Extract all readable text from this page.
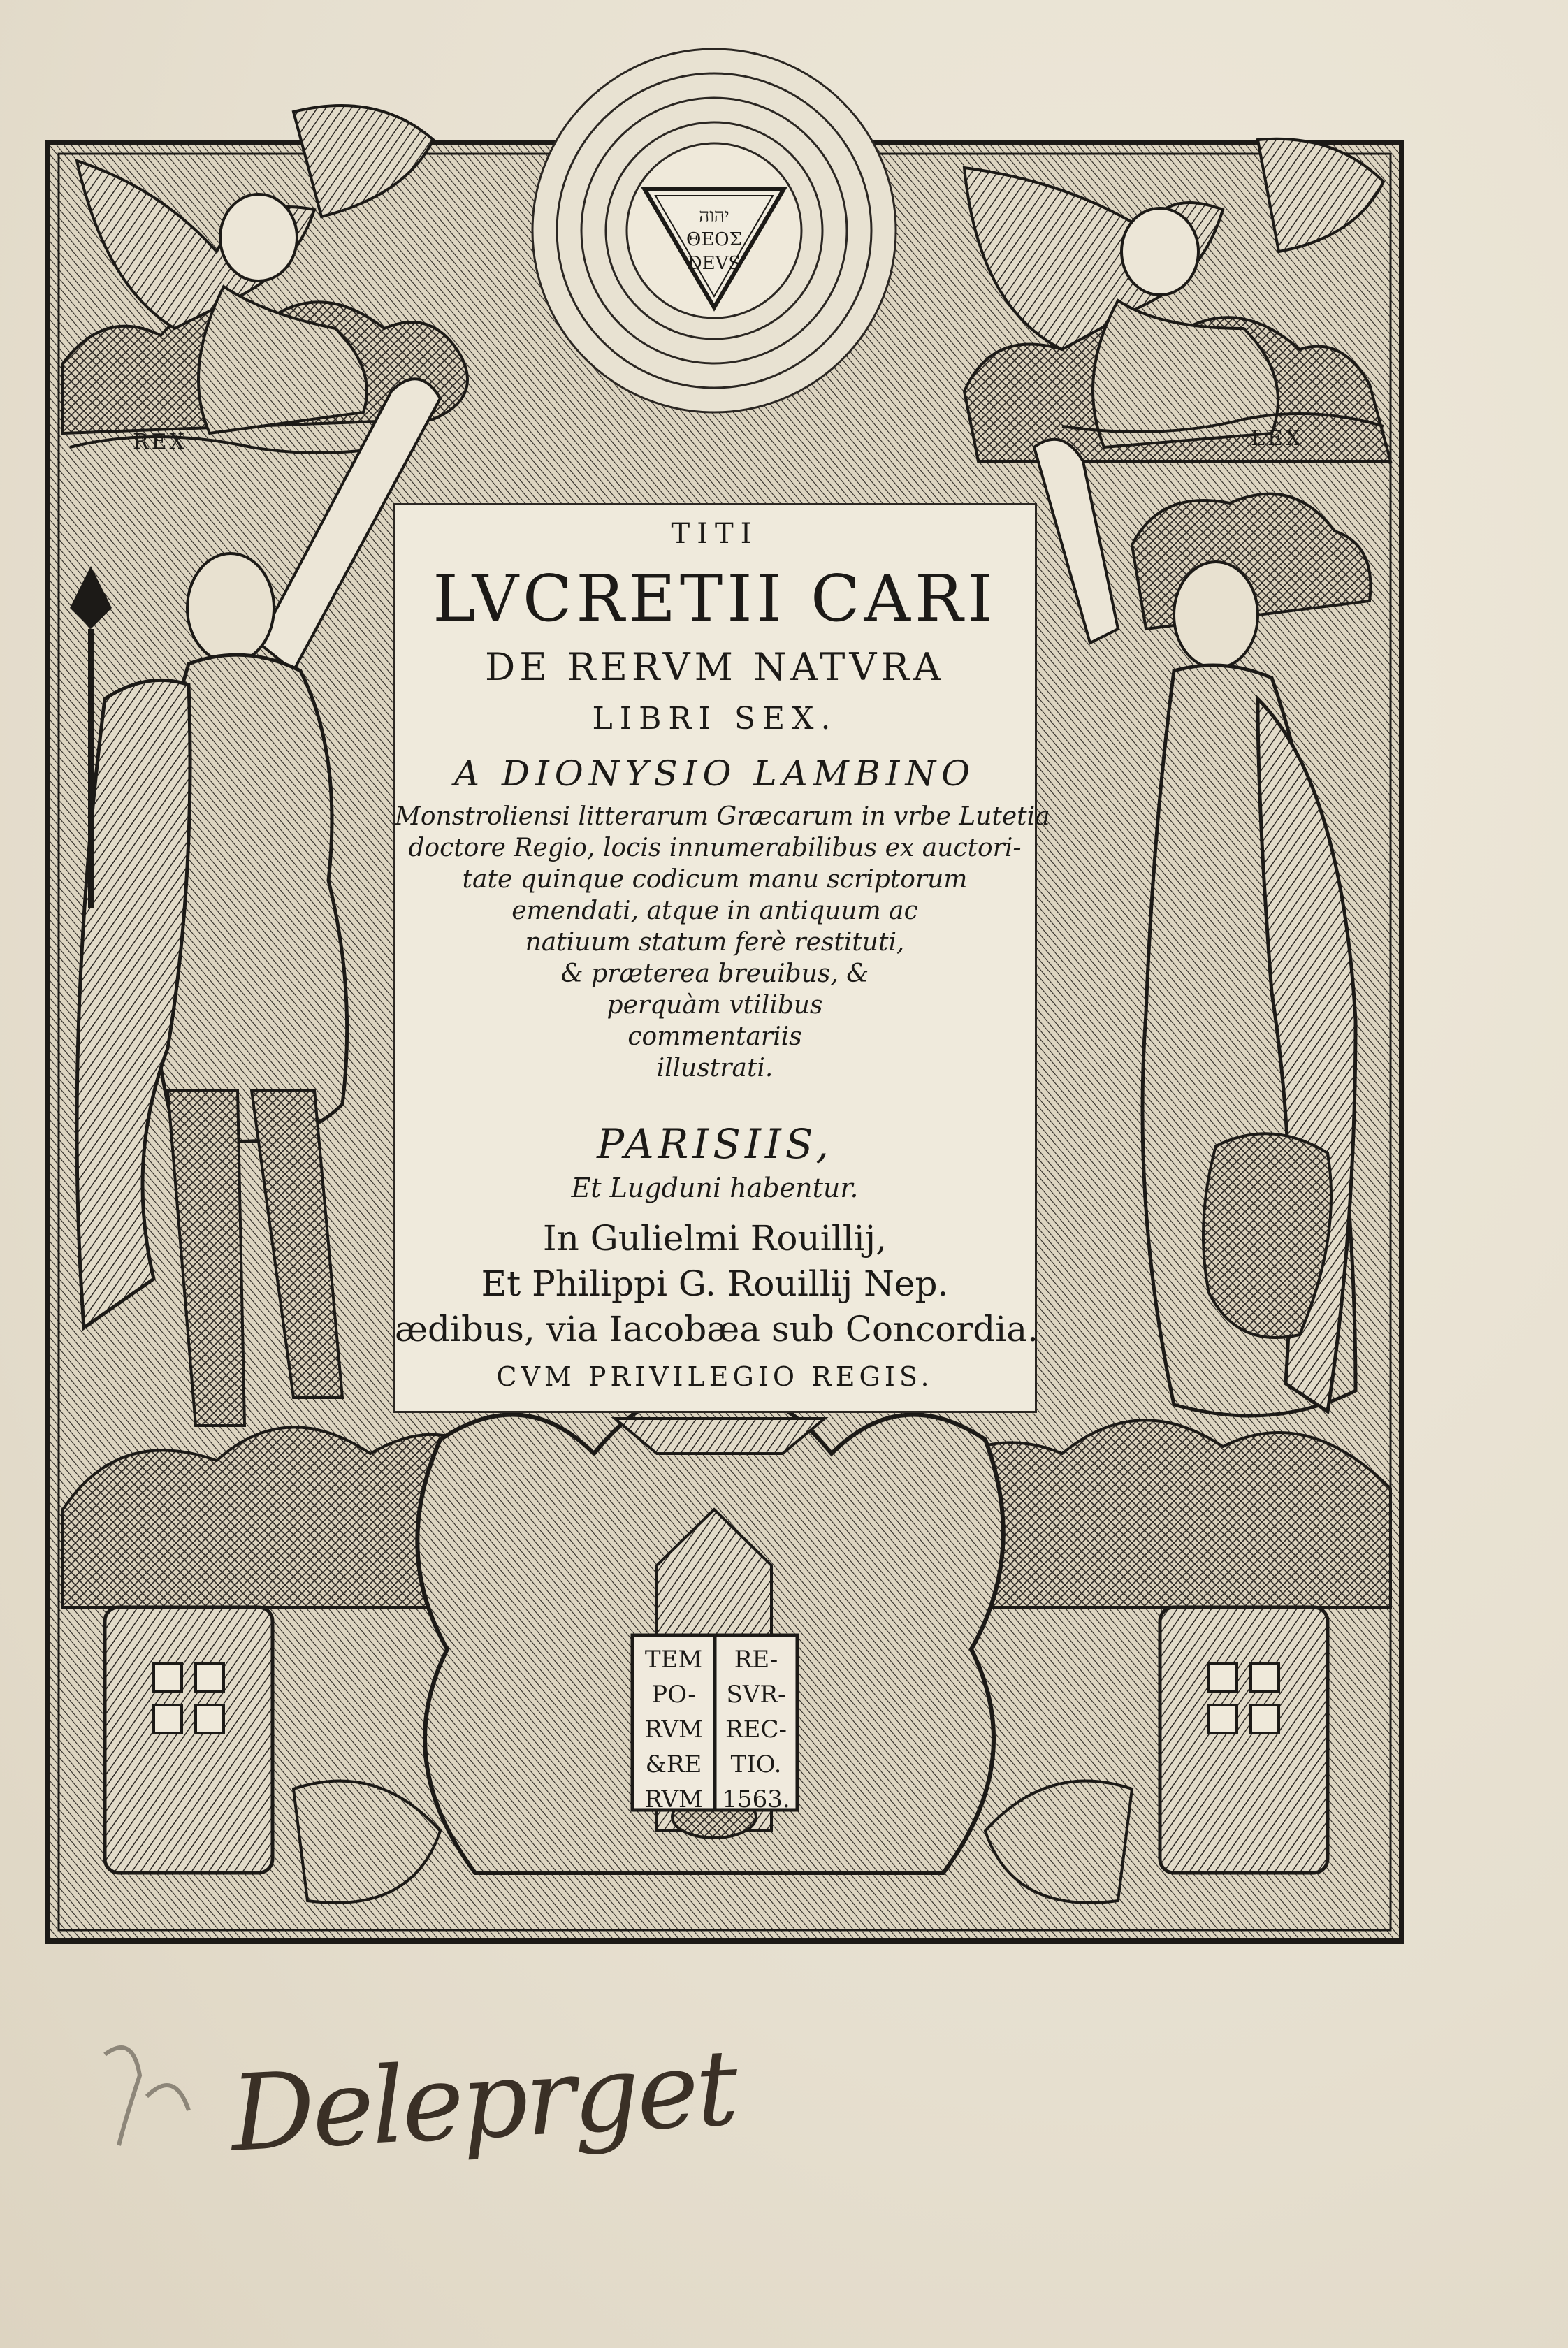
יהוה
ΘΕΟΣ
DEVS
REX	LEX
TEM
PO-
RVM
&RE
RVM
RE-
SVR-
REC-
TIO.
1563.
TITI
LVCRETII CARI
DE RERVM NATVRA
LIBRI SEX.
A DIONYSIO LAMBINO
Monstroliensi litterarum Græcarum in vrbe Lutetia
doctore Regio, locis innumerabilibus ex auctori-
tate quinque codicum manu scriptorum
emendati, atque in antiquum ac
natiuum statum ferè restituti,
& præterea breuibus, &
perquàm vtilibus
commentariis
illustrati.
PARISIIS,
Et Lugduni habentur.
In Gulielmi Rouillij,
Et Philippi G. Rouillij Nep.
ædibus, via Iacobæa sub Concordia.
CVM PRIVILEGIO REGIS.
Deleprget
